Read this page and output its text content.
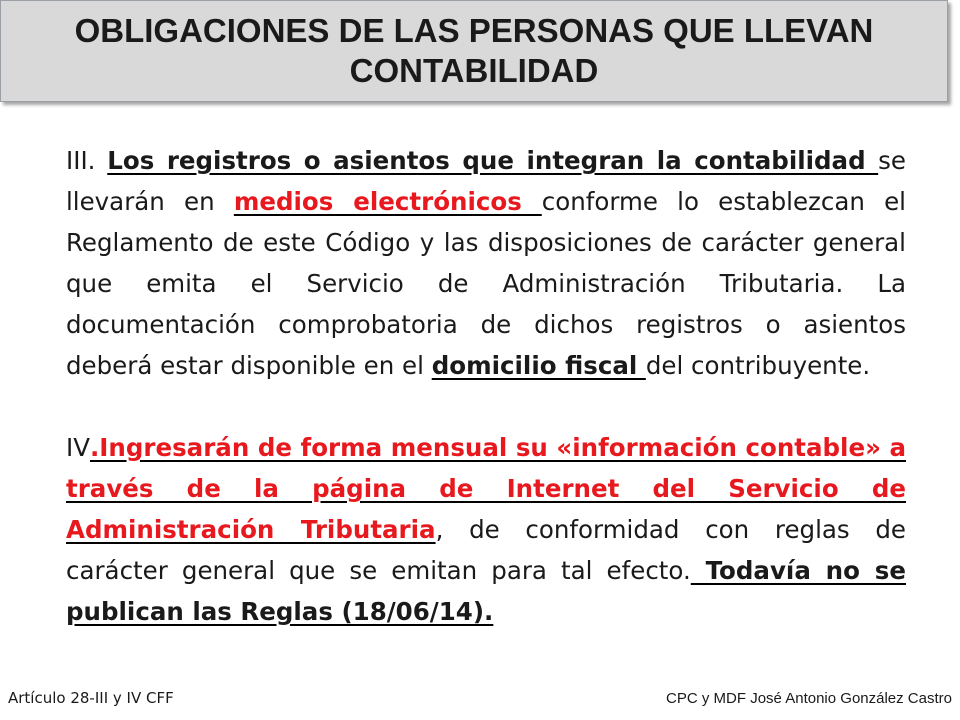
OBLIGACIONES DE LAS PERSONAS QUE LLEVAN CONTABILIDAD

III. Los registros o asientos que integran la contabilidad se llevarán en medios electrónicos conforme lo establezcan el Reglamento de este Código y las disposiciones de carácter general que emita el Servicio de Administración Tributaria. La documentación comprobatoria de dichos registros o asientos deberá estar disponible en el domicilio fiscal del contribuyente.

IV.Ingresarán de forma mensual su «información contable» a través de la página de Internet del Servicio de Administración Tributaria, de conformidad con reglas de carácter general que se emitan para tal efecto. Todavía no se publican las Reglas (18/06/14).

Artículo 28-III y IV CFF	CPC y MDF José Antonio González Castro
